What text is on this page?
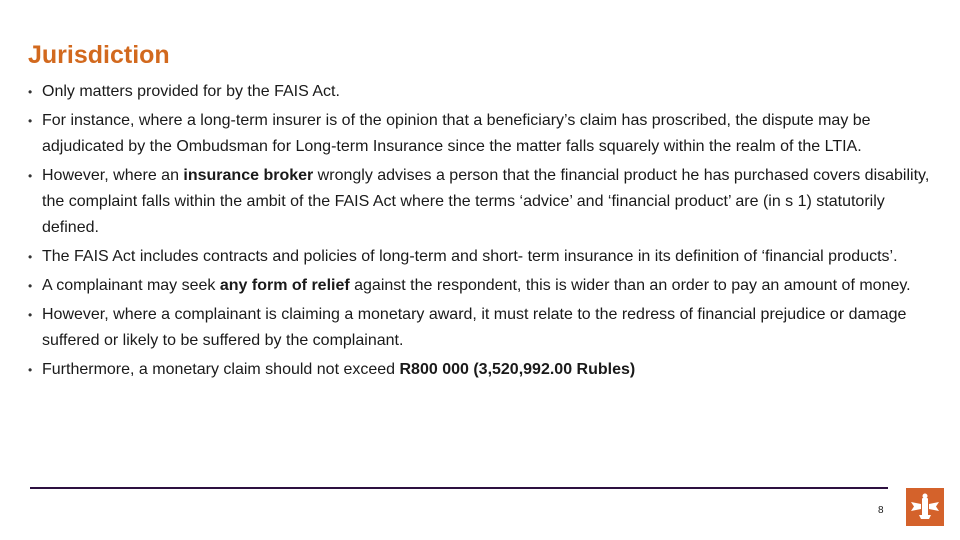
Jurisdiction
• Only matters provided for by the FAIS Act.
• For instance, where a long-term insurer is of the opinion that a beneficiary’s claim has proscribed, the dispute may be adjudicated by the Ombudsman for Long-term Insurance since the matter falls squarely within the realm of the LTIA.
• However, where an insurance broker wrongly advises a person that the financial product he has purchased covers disability, the complaint falls within the ambit of the FAIS Act where the terms ‘advice’ and ‘financial product’ are (in s 1) statutorily defined.
• The FAIS Act includes contracts and policies of long-term and short- term insurance in its definition of ‘financial products’.
• A complainant may seek any form of relief against the respondent, this is wider than an order to pay an amount of money.
• However, where a complainant is claiming a monetary award, it must relate to the redress of financial prejudice or damage suffered or likely to be suffered by the complainant.
• Furthermore, a monetary claim should not exceed R800 000 (3,520,992.00 Rubles)
8
